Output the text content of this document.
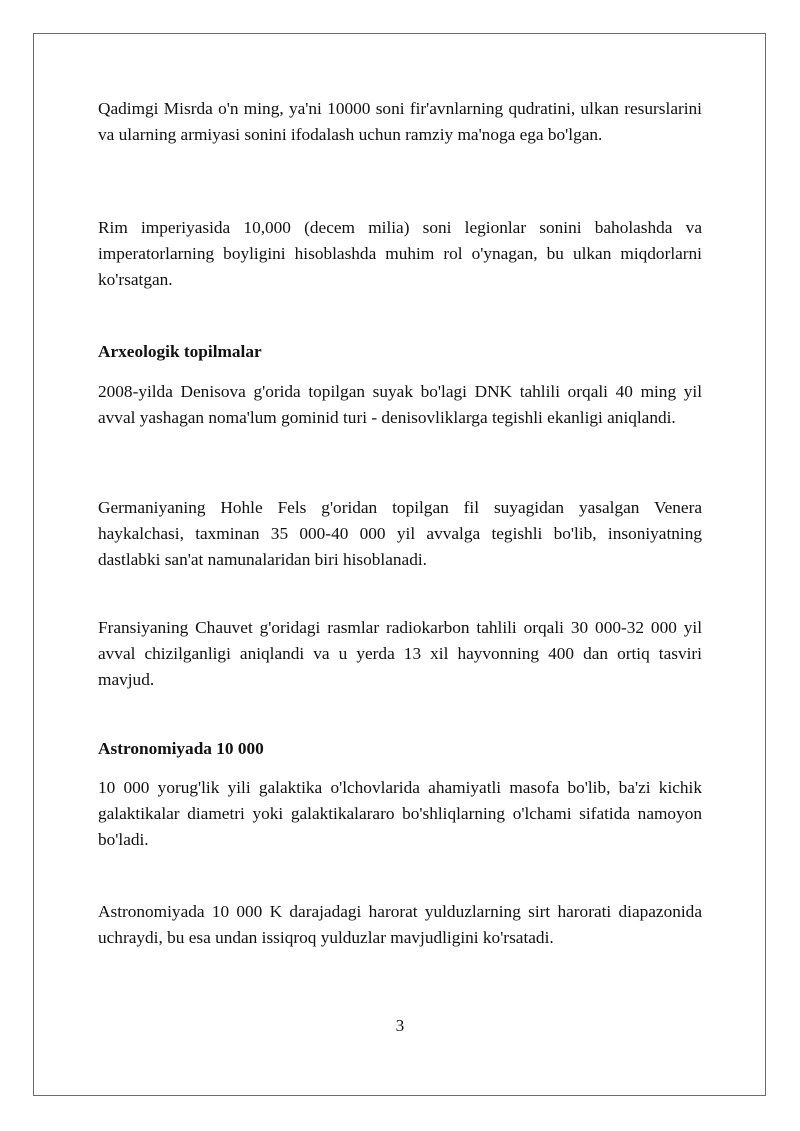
Qadimgi Misrda o'n ming, ya'ni 10000 soni fir'avnlarning qudratini, ulkan resurslarini va ularning armiyasi sonini ifodalash uchun ramziy ma'noga ega bo'lgan.

Rim imperiyasida 10,000 (decem milia) soni legionlar sonini baholashda va imperatorlarning boyligini hisoblashda muhim rol o'ynagan, bu ulkan miqdorlarni ko'rsatgan.

Arxeologik topilmalar

2008-yilda Denisova g'orida topilgan suyak bo'lagi DNK tahlili orqali 40 ming yil avval yashagan noma'lum gominid turi - denisovliklarga tegishli ekanligi aniqlandi.

Germaniyaning Hohle Fels g'oridan topilgan fil suyagidan yasalgan Venera haykalchasi, taxminan 35 000-40 000 yil avvalga tegishli bo'lib, insoniyatning dastlabki san'at namunalaridan biri hisoblanadi.

Fransiyaning Chauvet g'oridagi rasmlar radiokarbon tahlili orqali 30 000-32 000 yil avval chizilganligi aniqlandi va u yerda 13 xil hayvonning 400 dan ortiq tasviri mavjud.

Astronomiyada 10 000

10 000 yorug'lik yili galaktika o'lchovlarida ahamiyatli masofa bo'lib, ba'zi kichik galaktikalar diametri yoki galaktikalararo bo'shliqlarning o'lchami sifatida namoyon bo'ladi.

Astronomiyada 10 000 K darajadagi harorat yulduzlarning sirt harorati diapazonida uchraydi, bu esa undan issiqroq yulduzlar mavjudligini ko'rsatadi.

3
